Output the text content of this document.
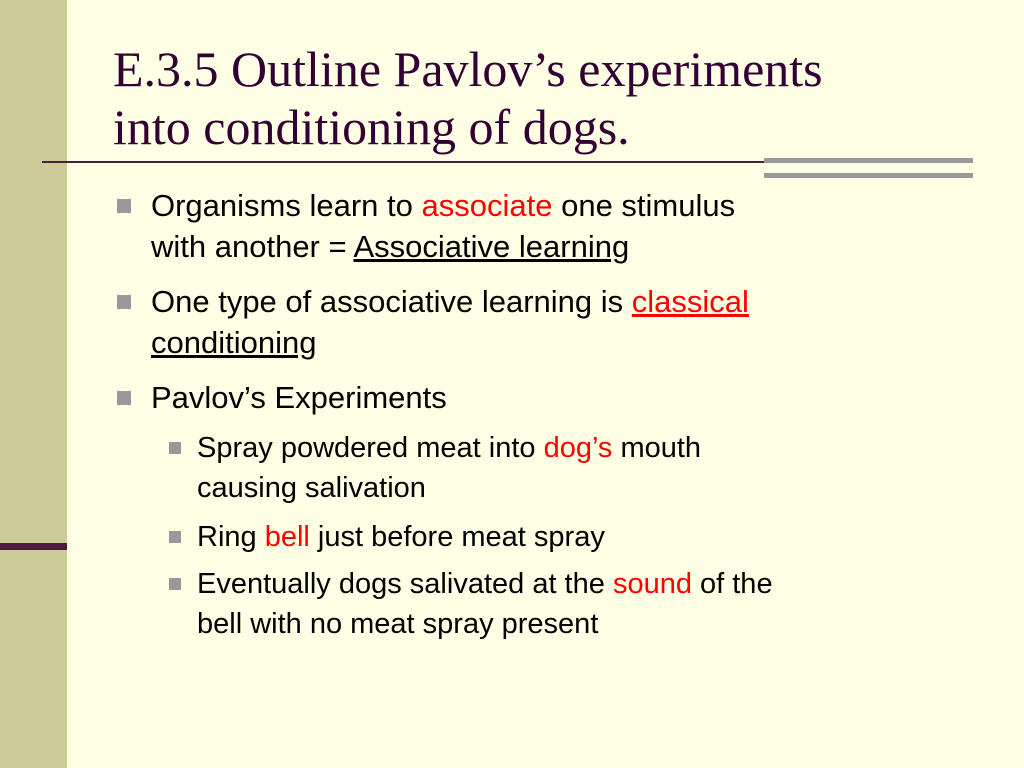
E.3.5 Outline Pavlov’s experiments
into conditioning of dogs.
Organisms learn to associate one stimulus
with another = Associative learning
One type of associative learning is classical
conditioning
Pavlov’s Experiments
Spray powdered meat into dog’s mouth
causing salivation
Ring bell just before meat spray
Eventually dogs salivated at the sound of the
bell with no meat spray present
